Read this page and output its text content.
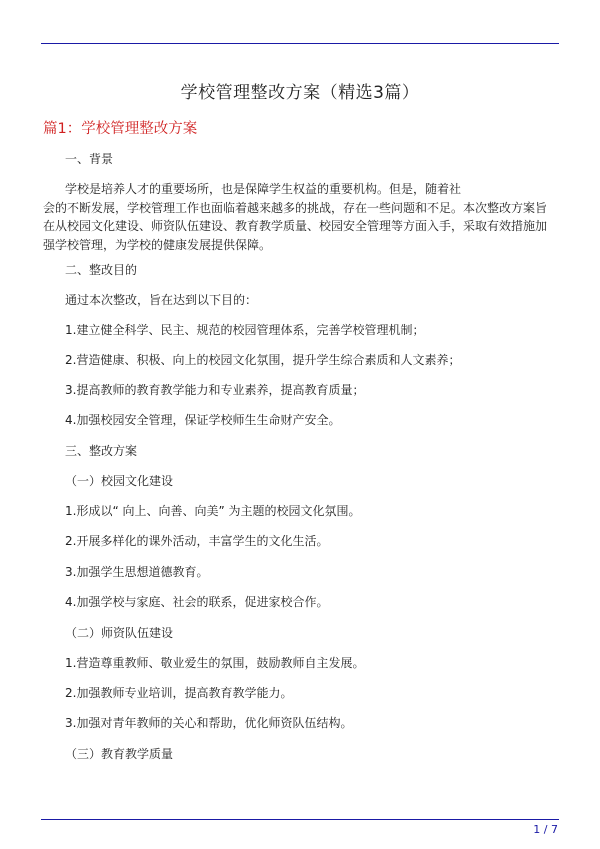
学校管理整改方案（精选3篇）
篇1：学校管理整改方案
一、背景
学校是培养人才的重要场所，也是保障学生权益的重要机构。但是，随着社
会的不断发展，学校管理工作也面临着越来越多的挑战，存在一些问题和不足。本次整改方案旨
在从校园文化建设、师资队伍建设、教育教学质量、校园安全管理等方面入手，采取有效措施加
强学校管理，为学校的健康发展提供保障。
二、整改目的
通过本次整改，旨在达到以下目的：
1.建立健全科学、民主、规范的校园管理体系，完善学校管理机制；
2.营造健康、积极、向上的校园文化氛围，提升学生综合素质和人文素养；
3.提高教师的教育教学能力和专业素养，提高教育质量；
4.加强校园安全管理，保证学校师生生命财产安全。
三、整改方案
（一）校园文化建设
1.形成以“ 向上、向善、向美” 为主题的校园文化氛围。
2.开展多样化的课外活动，丰富学生的文化生活。
3.加强学生思想道德教育。
4.加强学校与家庭、社会的联系，促进家校合作。
（二）师资队伍建设
1.营造尊重教师、敬业爱生的氛围，鼓励教师自主发展。
2.加强教师专业培训，提高教育教学能力。
3.加强对青年教师的关心和帮助，优化师资队伍结构。
（三）教育教学质量
1 / 7
